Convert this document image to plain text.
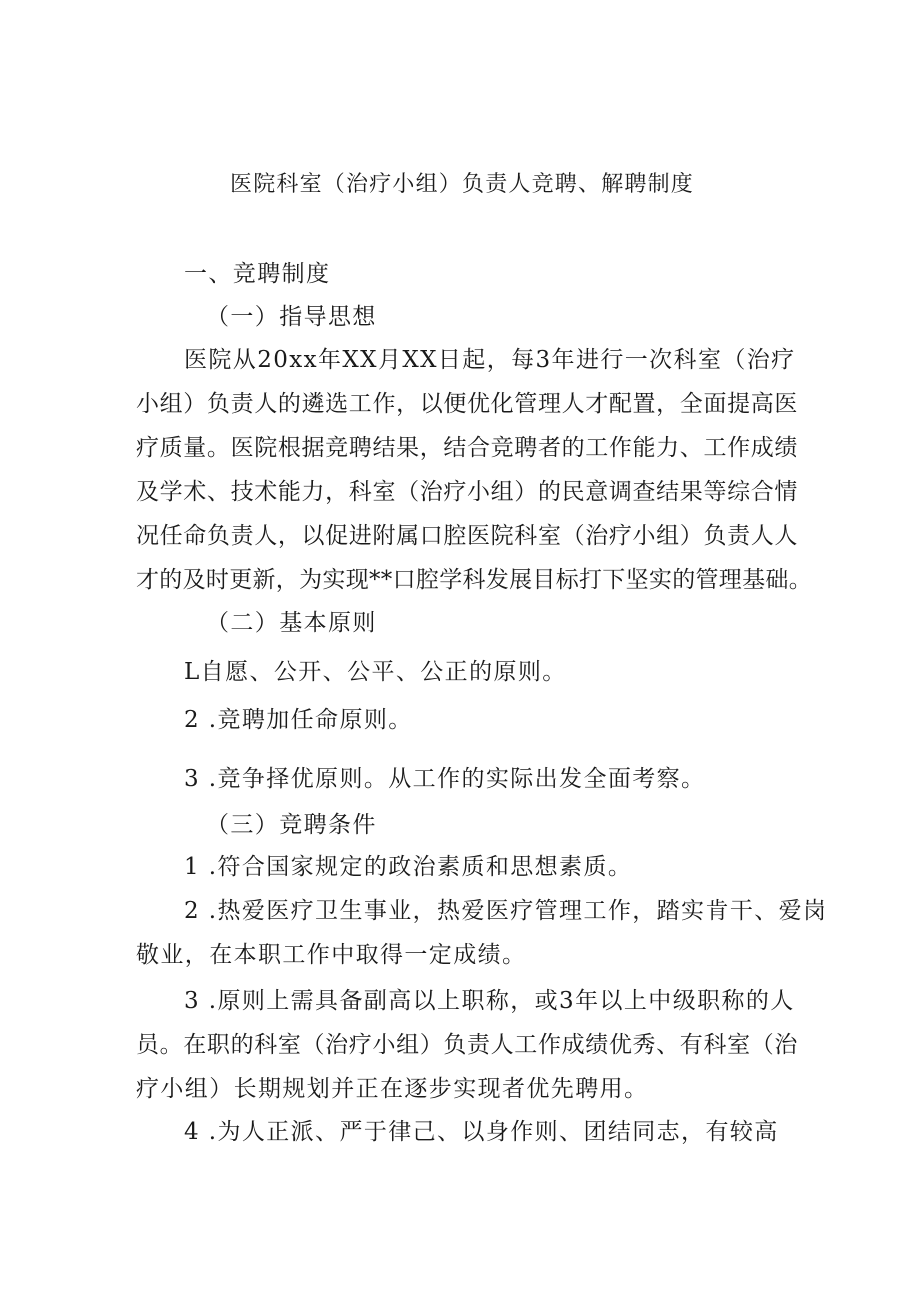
医院科室（治疗小组）负责人竞聘、解聘制度
一、竞聘制度
（一）指导思想
医院从20xx年XX月XX日起，每3年进行一次科室（治疗
小组）负责人的遴选工作，以便优化管理人才配置，全面提高医
疗质量。医院根据竞聘结果，结合竞聘者的工作能力、工作成绩
及学术、技术能力，科室（治疗小组）的民意调查结果等综合情
况任命负责人，以促进附属口腔医院科室（治疗小组）负责人人
才的及时更新，为实现**口腔学科发展目标打下坚实的管理基础。
（二）基本原则
L自愿、公开、公平、公正的原则。
2 .竞聘加任命原则。
3 .竞争择优原则。从工作的实际出发全面考察。
（三）竞聘条件
1 .符合国家规定的政治素质和思想素质。
2 .热爱医疗卫生事业，热爱医疗管理工作，踏实肯干、爱岗
敬业，在本职工作中取得一定成绩。
3 .原则上需具备副高以上职称，或3年以上中级职称的人
员。在职的科室（治疗小组）负责人工作成绩优秀、有科室（治
疗小组）长期规划并正在逐步实现者优先聘用。
4 .为人正派、严于律己、以身作则、团结同志，有较高
